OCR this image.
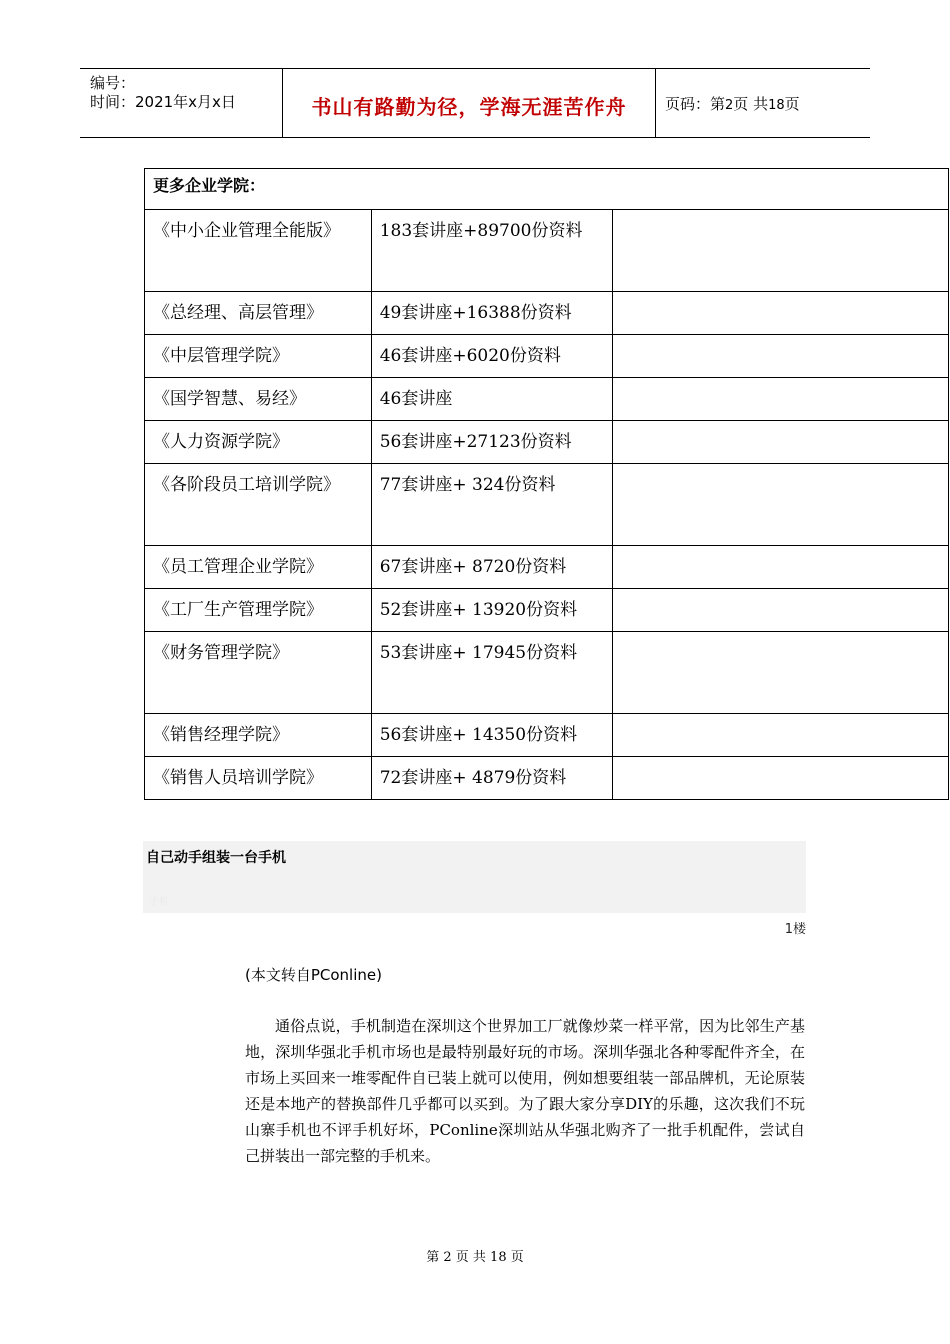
编号：
时间：2021年x月x日	书山有路勤为径，学海无涯苦作舟	页码：第2页 共18页
更多企业学院：		
《中小企业管理全能版》	183套讲座+89700份资料	
《总经理、高层管理》	49套讲座+16388份资料	
《中层管理学院》	46套讲座+6020份资料	
《国学智慧、易经》	46套讲座	
《人力资源学院》	56套讲座+27123份资料	
《各阶段员工培训学院》	77套讲座+ 324份资料	
《员工管理企业学院》	67套讲座+ 8720份资料	
《工厂生产管理学院》	52套讲座+ 13920份资料	
《财务管理学院》	53套讲座+ 17945份资料	
《销售经理学院》	56套讲座+ 14350份资料	
《销售人员培训学院》	72套讲座+ 4879份资料	
自己动手组装一台手机
手机
1楼
(本文转自PConline)

通俗点说，手机制造在深圳这个世界加工厂就像炒菜一样平常，因为比邻生产基地，深圳华强北手机市场也是最特别最好玩的市场。深圳华强北各种零配件齐全，在市场上买回来一堆零配件自已装上就可以使用，例如想要组装一部品牌机，无论原装还是本地产的替换部件几乎都可以买到。为了跟大家分享DIY的乐趣，这次我们不玩山寨手机也不评手机好坏，PConline深圳站从华强北购齐了一批手机配件，尝试自己拼装出一部完整的手机来。

第 2 页 共 18 页
